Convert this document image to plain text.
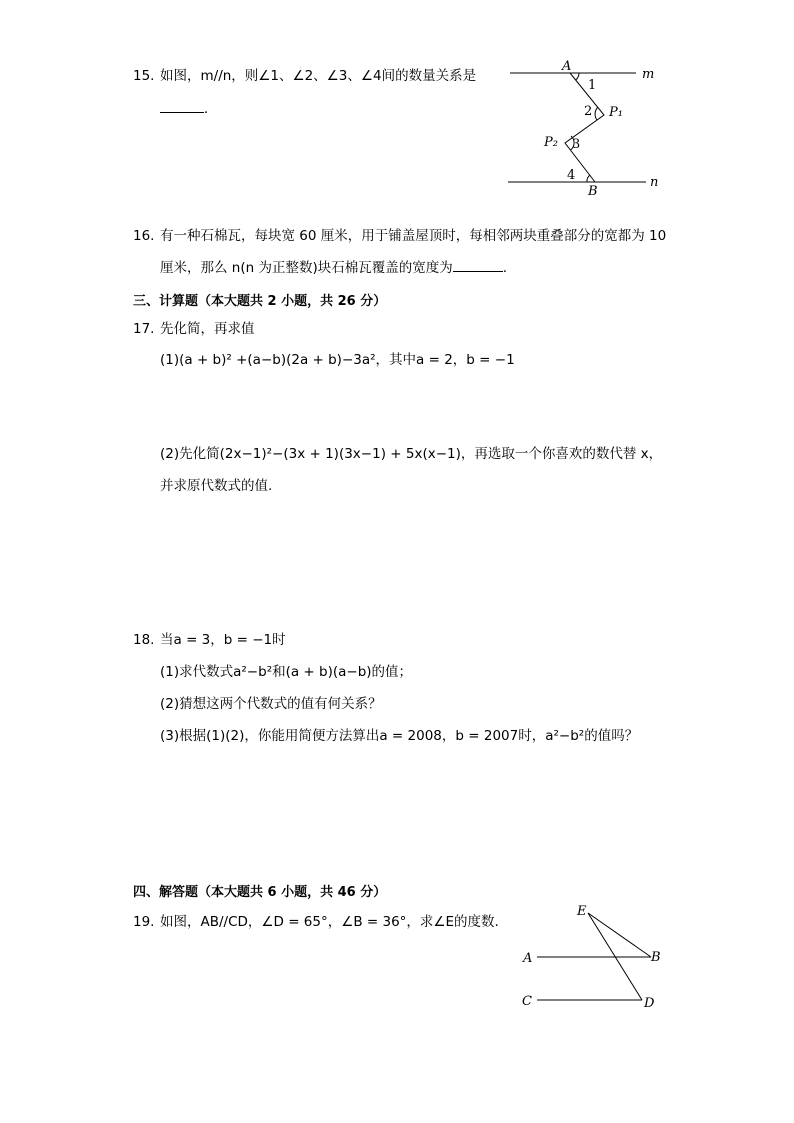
15. 如图，m//n，则∠1、∠2、∠3、∠4间的数量关系是
．
A
m
1
2 P₁
P₂ 3
4
B
n
16. 有一种石棉瓦，每块宽 60 厘米，用于铺盖屋顶时，每相邻两块重叠部分的宽都为 10
厘米，那么 n(n 为正整数)块石棉瓦覆盖的宽度为	.
三、计算题（本大题共 2 小题，共 26 分）
17. 先化简，再求值
(1)(a + b)² +(a−b)(2a + b)−3a²，其中a = 2，b = −1
(2)先化简(2x−1)²−(3x + 1)(3x−1) + 5x(x−1)，再选取一个你喜欢的数代替 x，
并求原代数式的值.
18. 当a = 3，b = −1时
(1)求代数式a²−b²和(a + b)(a−b)的值；
(2)猜想这两个代数式的值有何关系？
(3)根据(1)(2)，你能用简便方法算出a = 2008，b = 2007时，a²−b²的值吗？
四、解答题（本大题共 6 小题，共 46 分）
19. 如图，AB//CD，∠D = 65°，∠B = 36°，求∠E的度数.
E
A	B
C	D
